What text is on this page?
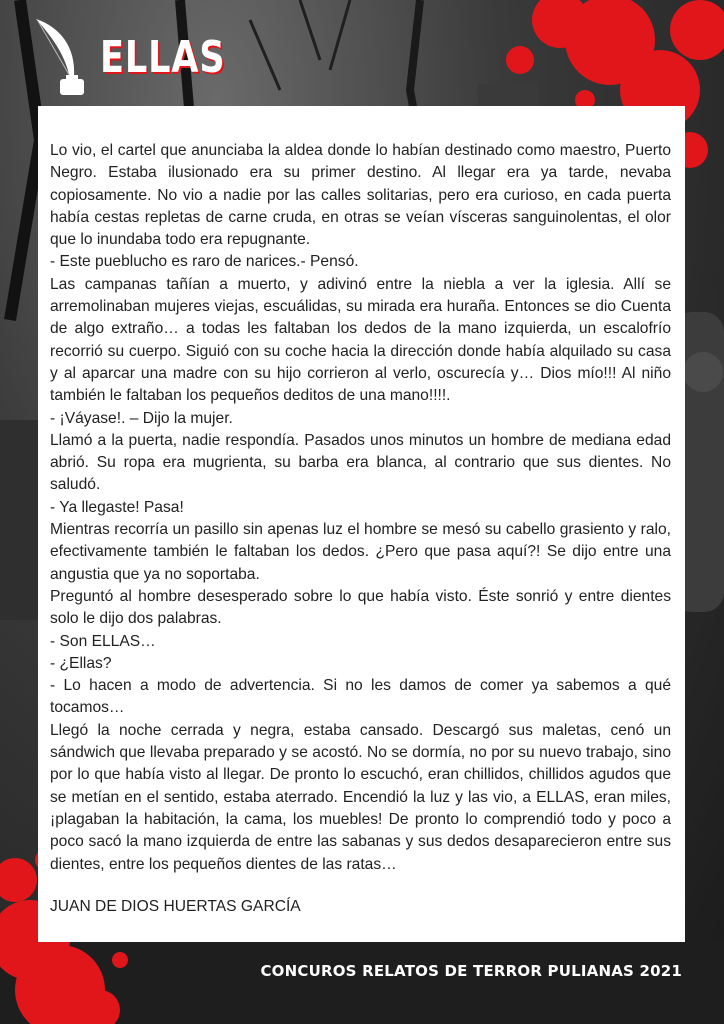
ELLAS

Lo vio, el cartel que anunciaba la aldea donde lo habían destinado como maestro, Puerto Negro. Estaba ilusionado era su primer destino. Al llegar era ya tarde, nevaba copiosamente. No vio a nadie por las calles solitarias, pero era curioso, en cada puerta había cestas repletas de carne cruda, en otras se veían vísceras sanguinolentas, el olor que lo inundaba todo era repugnante.

- Este pueblucho es raro de narices.- Pensó.

Las campanas tañían a muerto, y adivinó entre la niebla a ver la iglesia. Allí se arremolinaban mujeres viejas, escuálidas, su mirada era huraña. Entonces se dio Cuenta de algo extraño… a todas les faltaban los dedos de la mano izquierda, un escalofrío recorrió su cuerpo. Siguió con su coche hacia la dirección donde había alquilado su casa y al aparcar una madre con su hijo corrieron al verlo, oscurecía y… Dios mío!!! Al niño también le faltaban los pequeños deditos de una mano!!!!.

- ¡Váyase!. – Dijo la mujer.

Llamó a la puerta, nadie respondía. Pasados unos minutos un hombre de mediana edad abrió. Su ropa era mugrienta, su barba era blanca, al contrario que sus dientes. No saludó.

- Ya llegaste! Pasa!

Mientras recorría un pasillo sin apenas luz el hombre se mesó su cabello grasiento y ralo, efectivamente también le faltaban los dedos. ¿Pero que pasa aquí?! Se dijo entre una angustia que ya no soportaba.

Preguntó al hombre desesperado sobre lo que había visto. Éste sonrió y entre dientes solo le dijo dos palabras.

- Son ELLAS…

- ¿Ellas?

- Lo hacen a modo de advertencia. Si no les damos de comer ya sabemos a qué tocamos…

Llegó la noche cerrada y negra, estaba cansado. Descargó sus maletas, cenó un sándwich que llevaba preparado y se acostó. No se dormía, no por su nuevo trabajo, sino por lo que había visto al llegar. De pronto lo escuchó, eran chillidos, chillidos agudos que se metían en el sentido, estaba aterrado. Encendió la luz y las vio, a ELLAS, eran miles, ¡plagaban la habitación, la cama, los muebles! De pronto lo comprendió todo y poco a poco sacó la mano izquierda de entre las sabanas y sus dedos desaparecieron entre sus dientes, entre los pequeños dientes de las ratas…

JUAN DE DIOS HUERTAS GARCÍA
CONCUROS RELATOS DE TERROR PULIANAS 2021
